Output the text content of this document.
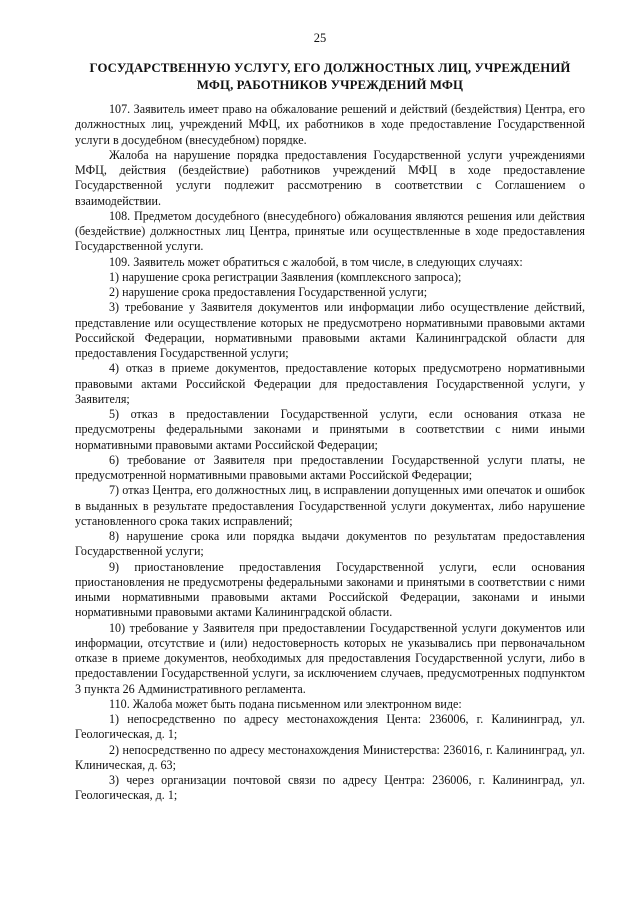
25
ГОСУДАРСТВЕННУЮ УСЛУГУ, ЕГО ДОЛЖНОСТНЫХ ЛИЦ, УЧРЕЖДЕНИЙ
МФЦ, РАБОТНИКОВ УЧРЕЖДЕНИЙ МФЦ

107. Заявитель имеет право на обжалование решений и действий (бездействия) Центра, его должностных лиц, учреждений МФЦ, их работников в ходе предоставление Государственной услуги в досудебном (внесудебном) порядке.

Жалоба на нарушение порядка предоставления Государственной услуги учреждениями МФЦ, действия (бездействие) работников учреждений МФЦ в ходе предоставление Государственной услуги подлежит рассмотрению в соответствии с Соглашением о взаимодействии.

108. Предметом досудебного (внесудебного) обжалования являются решения или действия (бездействие) должностных лиц Центра, принятые или осуществленные в ходе предоставления Государственной услуги.

109. Заявитель может обратиться с жалобой, в том числе, в следующих случаях:

1) нарушение срока регистрации Заявления (комплексного запроса);

2) нарушение срока предоставления Государственной услуги;

3) требование у Заявителя документов или информации либо осуществление действий, представление или осуществление которых не предусмотрено нормативными правовыми актами Российской Федерации, нормативными правовыми актами Калининградской области для предоставления Государственной услуги;

4) отказ в приеме документов, предоставление которых предусмотрено нормативными правовыми актами Российской Федерации для предоставления Государственной услуги, у Заявителя;

5) отказ в предоставлении Государственной услуги, если основания отказа не предусмотрены федеральными законами и принятыми в соответствии с ними иными нормативными правовыми актами Российской Федерации;

6) требование от Заявителя при предоставлении Государственной услуги платы, не предусмотренной нормативными правовыми актами Российской Федерации;

7) отказ Центра, его должностных лиц, в исправлении допущенных ими опечаток и ошибок в выданных в результате предоставления Государственной услуги документах, либо нарушение установленного срока таких исправлений;

8) нарушение срока или порядка выдачи документов по результатам предоставления Государственной услуги;

9) приостановление предоставления Государственной услуги, если основания приостановления не предусмотрены федеральными законами и принятыми в соответствии с ними иными нормативными правовыми актами Российской Федерации, законами и иными нормативными правовыми актами Калининградской области.

10) требование у Заявителя при предоставлении Государственной услуги документов или информации, отсутствие и (или) недостоверность которых не указывались при первоначальном отказе в приеме документов, необходимых для предоставления Государственной услуги, либо в предоставлении Государственной услуги, за исключением случаев, предусмотренных подпунктом 3 пункта 26 Административного регламента.

110. Жалоба может быть подана письменном или электронном виде:

1) непосредственно по адресу местонахождения Цента: 236006, г. Калининград, ул. Геологическая, д. 1;

2) непосредственно по адресу местонахождения Министерства: 236016, г. Калининград, ул. Клиническая, д. 63;

3) через организации почтовой связи по адресу Центра: 236006, г. Калининград, ул. Геологическая, д. 1;
